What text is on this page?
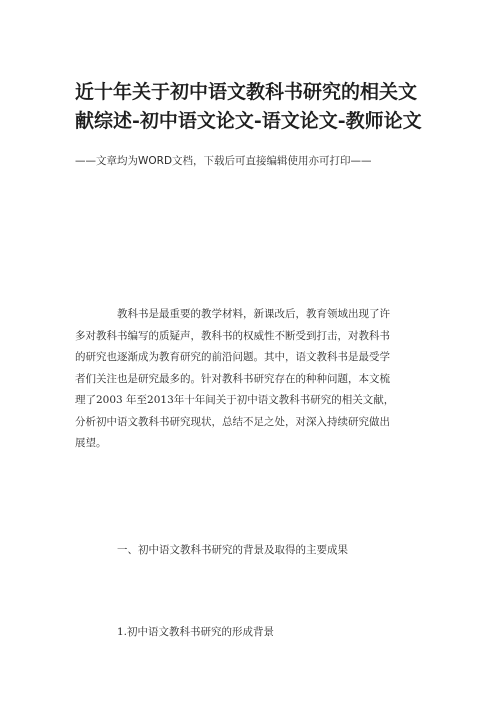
近十年关于初中语文教科书研究的相关文
献综述-初中语文论文-语文论文-教师论文
——文章均为WORD文档，下载后可直接编辑使用亦可打印——
教科书是最重要的教学材料，新课改后，教育领域出现了许
多对教科书编写的质疑声，教科书的权威性不断受到打击，对教科书
的研究也逐渐成为教育研究的前沿问题。其中，语文教科书是最受学
者们关注也是研究最多的。针对教科书研究存在的种种问题，本文梳
理了2003 年至2013年十年间关于初中语文教科书研究的相关文献，
分析初中语文教科书研究现状，总结不足之处，对深入持续研究做出
展望。
一、初中语文教科书研究的背景及取得的主要成果
1.初中语文教科书研究的形成背景
